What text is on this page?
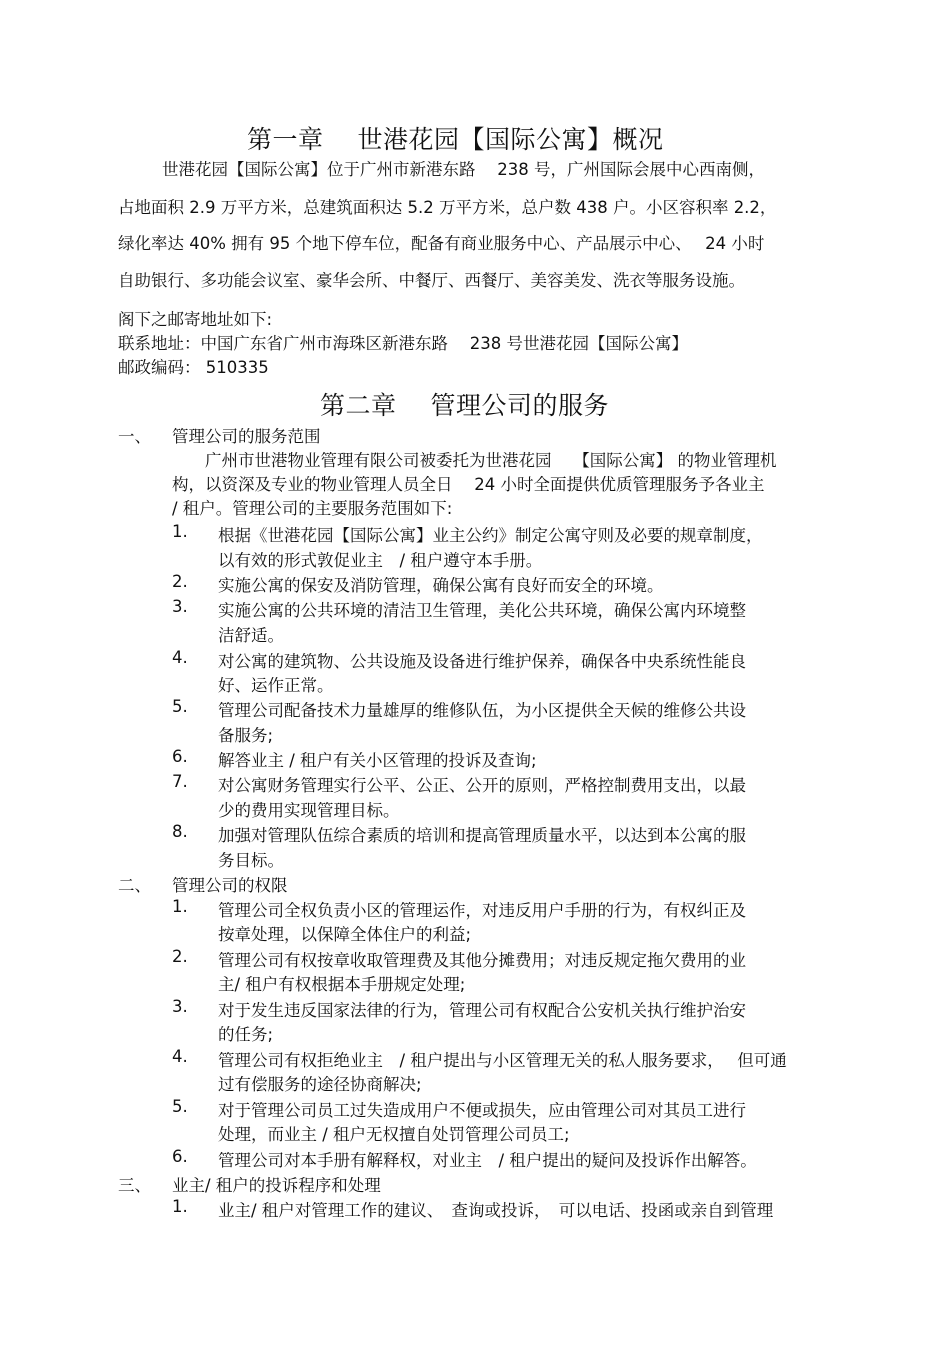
第一章　 世港花园【国际公寓】概况
世港花园【国际公寓】位于广州市新港东路　 238 号，广州国际会展中心西南侧，
占地面积 2.9 万平方米，总建筑面积达 5.2 万平方米，总户数 438 户。小区容积率 2.2，
绿化率达 40% 拥有 95 个地下停车位，配备有商业服务中心、产品展示中心、　 24 小时
自助银行、多功能会议室、豪华会所、中餐厅、西餐厅、美容美发、洗衣等服务设施。
阁下之邮寄地址如下:
联系地址：中国广东省广州市海珠区新港东路　 238 号世港花园【国际公寓】
邮政编码： 510335
第二章　 管理公司的服务
一、 管理公司的服务范围
广州市世港物业管理有限公司被委托为世港花园　 【国际公寓】 的物业管理机
构，以资深及专业的物业管理人员全日　 24 小时全面提供优质管理服务予各业主
/ 租户。管理公司的主要服务范围如下:
1. 根据《世港花园【国际公寓】业主公约》制定公寓守则及必要的规章制度，
以有效的形式敦促业主　/ 租户遵守本手册。
2. 实施公寓的保安及消防管理，确保公寓有良好而安全的环境。
3. 实施公寓的公共环境的清洁卫生管理，美化公共环境，确保公寓内环境整
洁舒适。
4. 对公寓的建筑物、公共设施及设备进行维护保养，确保各中央系统性能良
好、运作正常。
5. 管理公司配备技术力量雄厚的维修队伍，为小区提供全天候的维修公共设
备服务;
6. 解答业主 / 租户有关小区管理的投诉及查询;
7. 对公寓财务管理实行公平、公正、公开的原则，严格控制费用支出，以最
少的费用实现管理目标。
8. 加强对管理队伍综合素质的培训和提高管理质量水平，以达到本公寓的服
务目标。
二、 管理公司的权限
1. 管理公司全权负责小区的管理运作，对违反用户手册的行为，有权纠正及
按章处理，以保障全体住户的利益;
2. 管理公司有权按章收取管理费及其他分摊费用；对违反规定拖欠费用的业
主/ 租户有权根据本手册规定处理;
3. 对于发生违反国家法律的行为，管理公司有权配合公安机关执行维护治安
的任务;
4. 管理公司有权拒绝业主　/ 租户提出与小区管理无关的私人服务要求，　 但可通
过有偿服务的途径协商解决;
5. 对于管理公司员工过失造成用户不便或损失，应由管理公司对其员工进行
处理，而业主 / 租户无权擅自处罚管理公司员工;
6. 管理公司对本手册有解释权，对业主　/ 租户提出的疑问及投诉作出解答。
三、 业主/ 租户的投诉程序和处理
1. 业主/ 租户对管理工作的建议、　查询或投诉，　可以电话、投函或亲自到管理
